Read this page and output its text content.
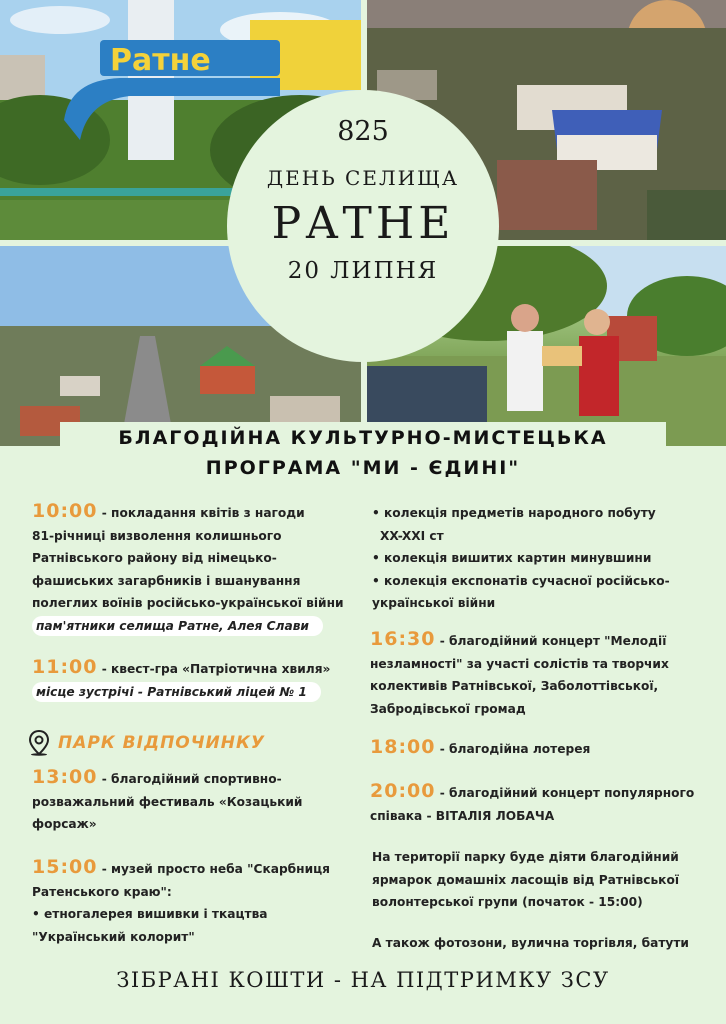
Ратне
825
ДЕНЬ СЕЛИЩА
РАТНЕ
20 ЛИПНЯ
БЛАГОДІЙНА КУЛЬТУРНО-МИСТЕЦЬКА
ПРОГРАМА "МИ - ЄДИНІ"
10:00 - покладання квітів з нагоди
81-річниці визволення колишнього
Ратнівського району від німецько-
фашиських загарбників і вшанування
полеглих воїнів російсько-української війни
пам'ятники селища Ратне, Алея Слави
11:00 - квест-гра «Патріотична хвиля»
місце зустрічі - Ратнівський ліцей № 1
ПАРК ВІДПОЧИНКУ
13:00 - благодійний спортивно-
розважальний фестиваль «Козацький
форсаж»
15:00 - музей просто неба "Скарбниця
Ратенського краю":
• етногалерея вишивки і ткацтва
"Український колорит"
• колекція предметів народного побуту
XX-XXI ст
• колекція вишитих картин минувшини
• колекція експонатів сучасної російсько-
української війни
16:30 - благодійний концерт "Мелодії
незламності" за участі солістів та творчих
колективів Ратнівської, Заболоттівської,
Забродівської громад
18:00 - благодійна лотерея
20:00 - благодійний концерт популярного
співака - ВІТАЛІЯ ЛОБАЧА
На території парку буде діяти благодійний
ярмарок домашніх ласощів від Ратнівської
волонтерської групи (початок - 15:00)
А також фотозони, вулична торгівля, батути
ЗІБРАНІ КОШТИ - НА ПІДТРИМКУ ЗСУ
